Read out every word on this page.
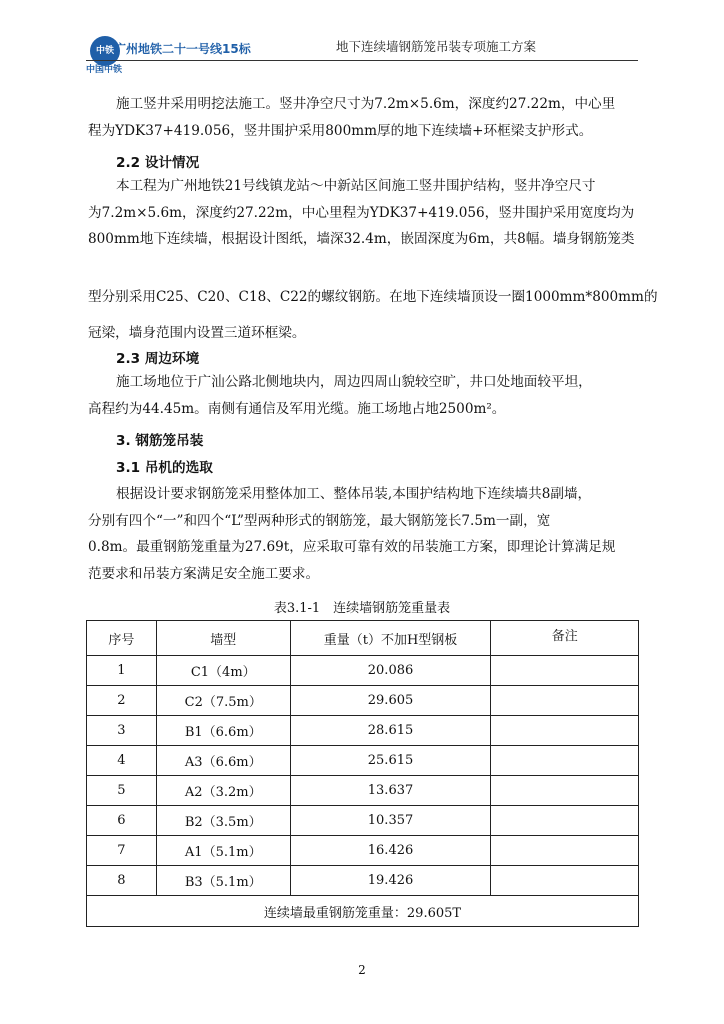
中铁 广州地铁二十一号线15标
中国中铁
地下连续墙钢筋笼吊装专项施工方案

施工竖井采用明挖法施工。竖井净空尺寸为7.2m×5.6m，深度约27.22m，中心里
程为YDK37+419.056，竖井围护采用800mm厚的地下连续墙+环框梁支护形式。

2.2 设计情况

本工程为广州地铁21号线镇龙站～中新站区间施工竖井围护结构，竖井净空尺寸
为7.2m×5.6m，深度约27.22m，中心里程为YDK37+419.056，竖井围护采用宽度均为
800mm地下连续墙，根据设计图纸，墙深32.4m，嵌固深度为6m，共8幅。墙身钢筋笼类

型分别采用C25、C20、C18、C22的螺纹钢筋。在地下连续墙顶设一圈1000mm*800mm的
冠梁，墙身范围内设置三道环框梁。

2.3 周边环境

施工场地位于广汕公路北侧地块内，周边四周山貌较空旷，井口处地面较平坦，
高程约为44.45m。南侧有通信及军用光缆。施工场地占地2500m²。

3. 钢筋笼吊装
3.1 吊机的选取

根据设计要求钢筋笼采用整体加工、整体吊装,本围护结构地下连续墙共8副墙，
分别有四个“一”和四个“L”型两种形式的钢筋笼，最大钢筋笼长7.5m一副，宽
0.8m。最重钢筋笼重量为27.69t，应采取可靠有效的吊装施工方案，即理论计算满足规
范要求和吊装方案满足安全施工要求。

表3.1-1　连续墙钢筋笼重量表
序号	墙型	重量（t）不加H型钢板	备注
1	C1（4m）	20.086	
2	C2（7.5m）	29.605	
3	B1（6.6m）	28.615	
4	A3（6.6m）	25.615	
5	A2（3.2m）	13.637	
6	B2（3.5m）	10.357	
7	A1（5.1m）	16.426	
8	B3（5.1m）	19.426	
连续墙最重钢筋笼重量：29.605T			
2
